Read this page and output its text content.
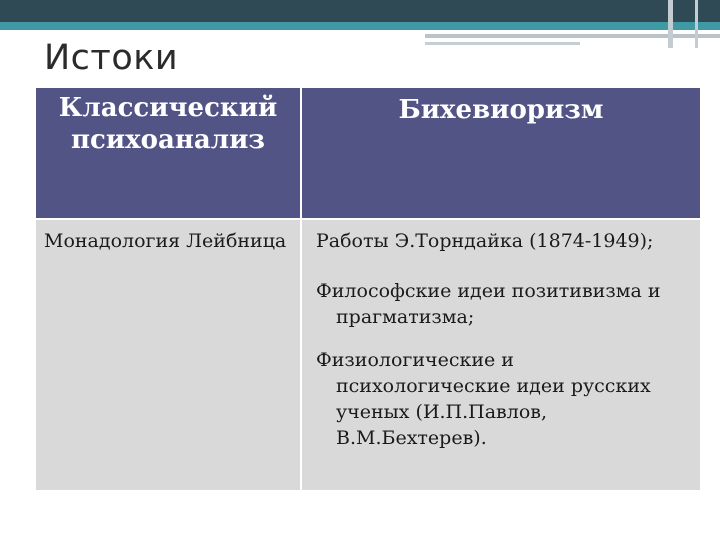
Истоки
Классический психоанализ	Бихевиоризм
Монадология Лейбница	Работы Э.Торндайка (1874-1949);
Философские идеи позитивизма и прагматизма;
Физиологические и психологические идеи русских ученых (И.П.Павлов, В.М.Бехтерев).
